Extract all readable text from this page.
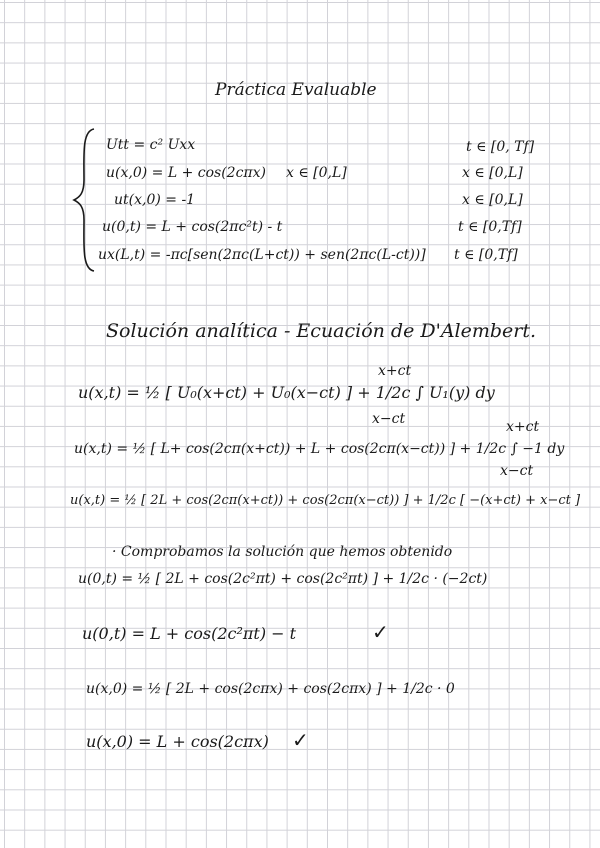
Práctica Evaluable
Utt = c² Uxx	t ∈ [0, Tf]
u(x,0) = L + cos(2cπx) x ∈ [0,L]	x ∈ [0,L]
ut(x,0) = -1	x ∈ [0,L]
u(0,t) = L + cos(2πc²t) - t	t ∈ [0,Tf]
ux(L,t) = -πc[sen(2πc(L+ct)) + sen(2πc(L-ct))] t ∈ [0,Tf]
Solución analítica - Ecuación de D'Alembert.
u(x,t) = ½ [ U₀(x+ct) + U₀(x−ct) ] + 1/2c ∫ U₁(y) dy
x+ct
x−ct
u(x,t) = ½ [ L+ cos(2cπ(x+ct)) + L + cos(2cπ(x−ct)) ] + 1/2c ∫ −1 dy
x+ct
x−ct
u(x,t) = ½ [ 2L + cos(2cπ(x+ct)) + cos(2cπ(x−ct)) ] + 1/2c [ −(x+ct) + x−ct ]
· Comprobamos la solución que hemos obtenido
u(0,t) = ½ [ 2L + cos(2c²πt) + cos(2c²πt) ] + 1/2c · (−2ct)
u(0,t) = L + cos(2c²πt) − t	✓
u(x,0) = ½ [ 2L + cos(2cπx) + cos(2cπx) ] + 1/2c · 0
u(x,0) = L + cos(2cπx) ✓
